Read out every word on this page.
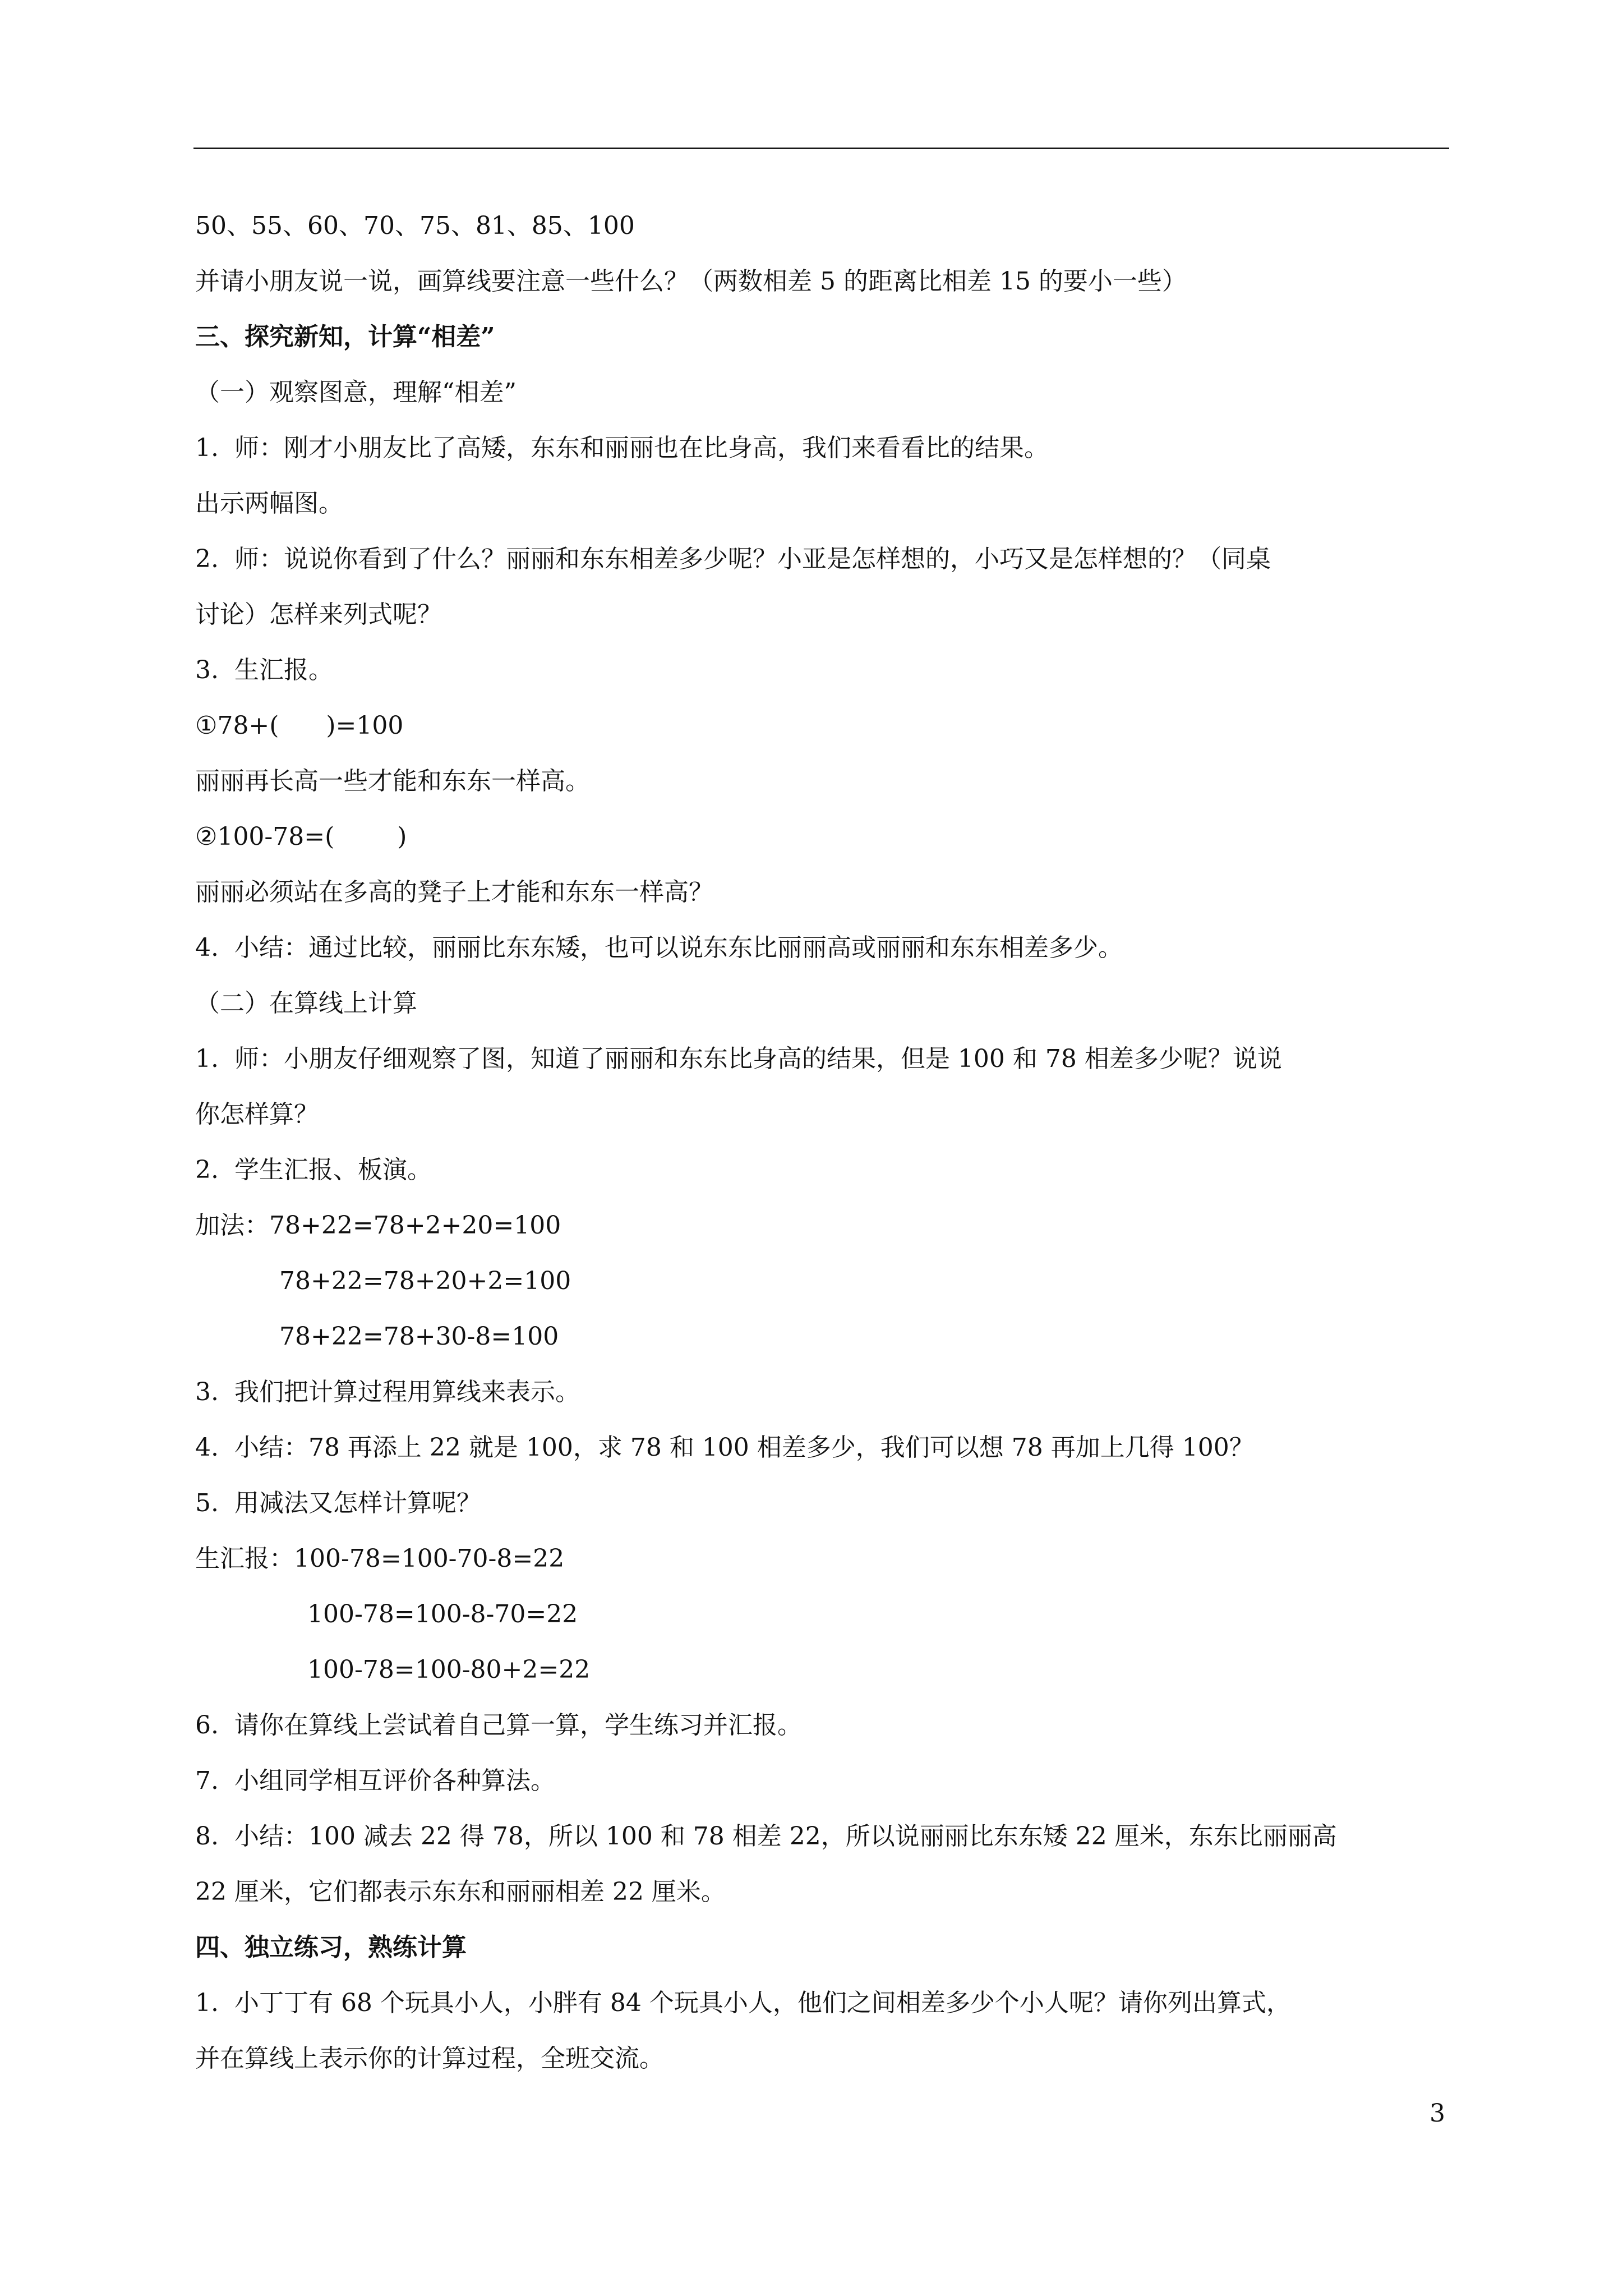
50、55、60、70、75、81、85、100
并请小朋友说一说，画算线要注意一些什么？（两数相差 5 的距离比相差 15 的要小一些）
三、探究新知，计算“相差”
（一）观察图意，理解“相差”
1.  师：刚才小朋友比了高矮，东东和丽丽也在比身高，我们来看看比的结果。
出示两幅图。
2.  师：说说你看到了什么？丽丽和东东相差多少呢？小亚是怎样想的，小巧又是怎样想的？（同桌
讨论）怎样来列式呢？
3.  生汇报。
①78+(      )=100
丽丽再长高一些才能和东东一样高。
②100-78=(        )
丽丽必须站在多高的凳子上才能和东东一样高？
4.  小结：通过比较，丽丽比东东矮，也可以说东东比丽丽高或丽丽和东东相差多少。
（二）在算线上计算
1.  师：小朋友仔细观察了图，知道了丽丽和东东比身高的结果，但是 100 和 78 相差多少呢？说说
你怎样算？
2.  学生汇报、板演。
加法：78+22=78+2+20=100
78+22=78+20+2=100
78+22=78+30-8=100
3.  我们把计算过程用算线来表示。
4.  小结：78 再添上 22 就是 100，求 78 和 100 相差多少，我们可以想 78 再加上几得 100？
5.  用减法又怎样计算呢？
生汇报：100-78=100-70-8=22
100-78=100-8-70=22
100-78=100-80+2=22
6.  请你在算线上尝试着自己算一算，学生练习并汇报。
7.  小组同学相互评价各种算法。
8.  小结：100 减去 22 得 78，所以 100 和 78 相差 22，所以说丽丽比东东矮 22 厘米，东东比丽丽高
22 厘米，它们都表示东东和丽丽相差 22 厘米。
四、独立练习，熟练计算
1.  小丁丁有 68 个玩具小人，小胖有 84 个玩具小人，他们之间相差多少个小人呢？请你列出算式，
并在算线上表示你的计算过程，全班交流。
3
